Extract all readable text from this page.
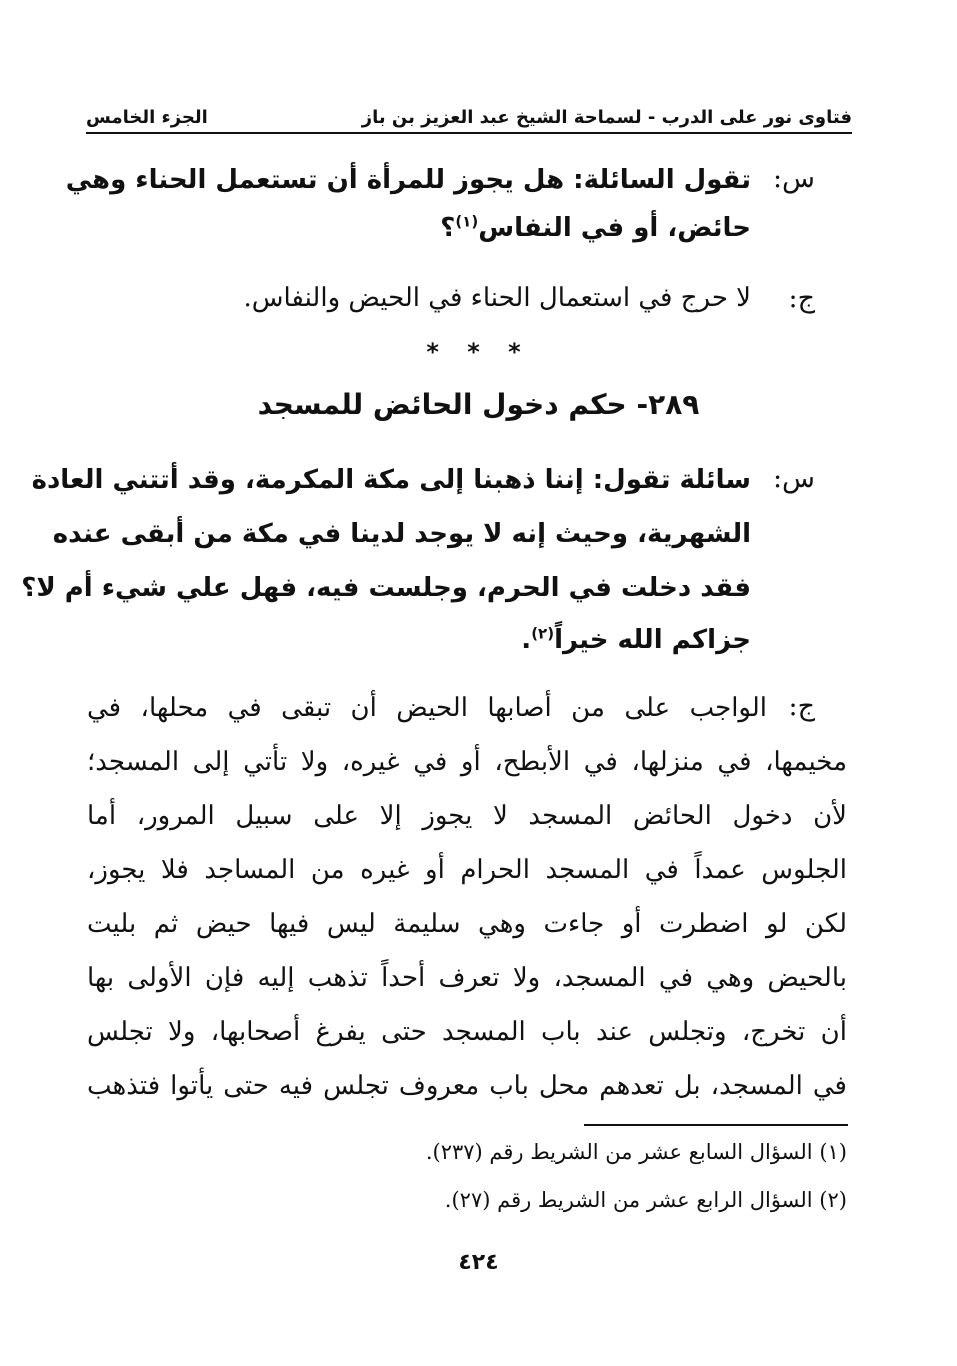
فتاوى نور على الدرب - لسماحة الشيخ عبد العزيز بن باز
الجزء الخامس
س:
تقول السائلة: هل يجوز للمرأة أن تستعمل الحناء وهي
حائض، أو في النفاس$^{(١)}$؟
ج:
لا حرج في استعمال الحناء في الحيض والنفاس.
* * *
٢٨٩- حكم دخول الحائض للمسجد
س:
سائلة تقول: إننا ذهبنا إلى مكة المكرمة، وقد أتتني العادة
الشهرية، وحيث إنه لا يوجد لدينا في مكة من أبقى عنده
فقد دخلت في الحرم، وجلست فيه، فهل علي شيء أم لا؟
جزاكم الله خيراً$^{(٢)}$.
ج:
الواجب على من أصابها الحيض أن تبقى في محلها، في
مخيمها، في منزلها، في الأبطح، أو في غيره، ولا تأتي إلى المسجد؛
لأن دخول الحائض المسجد لا يجوز إلا على سبيل المرور، أما
الجلوس عمداً في المسجد الحرام أو غيره من المساجد فلا يجوز،
لكن لو اضطرت أو جاءت وهي سليمة ليس فيها حيض ثم بليت
بالحيض وهي في المسجد، ولا تعرف أحداً تذهب إليه فإن الأولى بها
أن تخرج، وتجلس عند باب المسجد حتى يفرغ أصحابها، ولا تجلس
في المسجد، بل تعدهم محل باب معروف تجلس فيه حتى يأتوا فتذهب
(١) السؤال السابع عشر من الشريط رقم (٢٣٧).
(٢) السؤال الرابع عشر من الشريط رقم (٢٧).
٤٢٤
